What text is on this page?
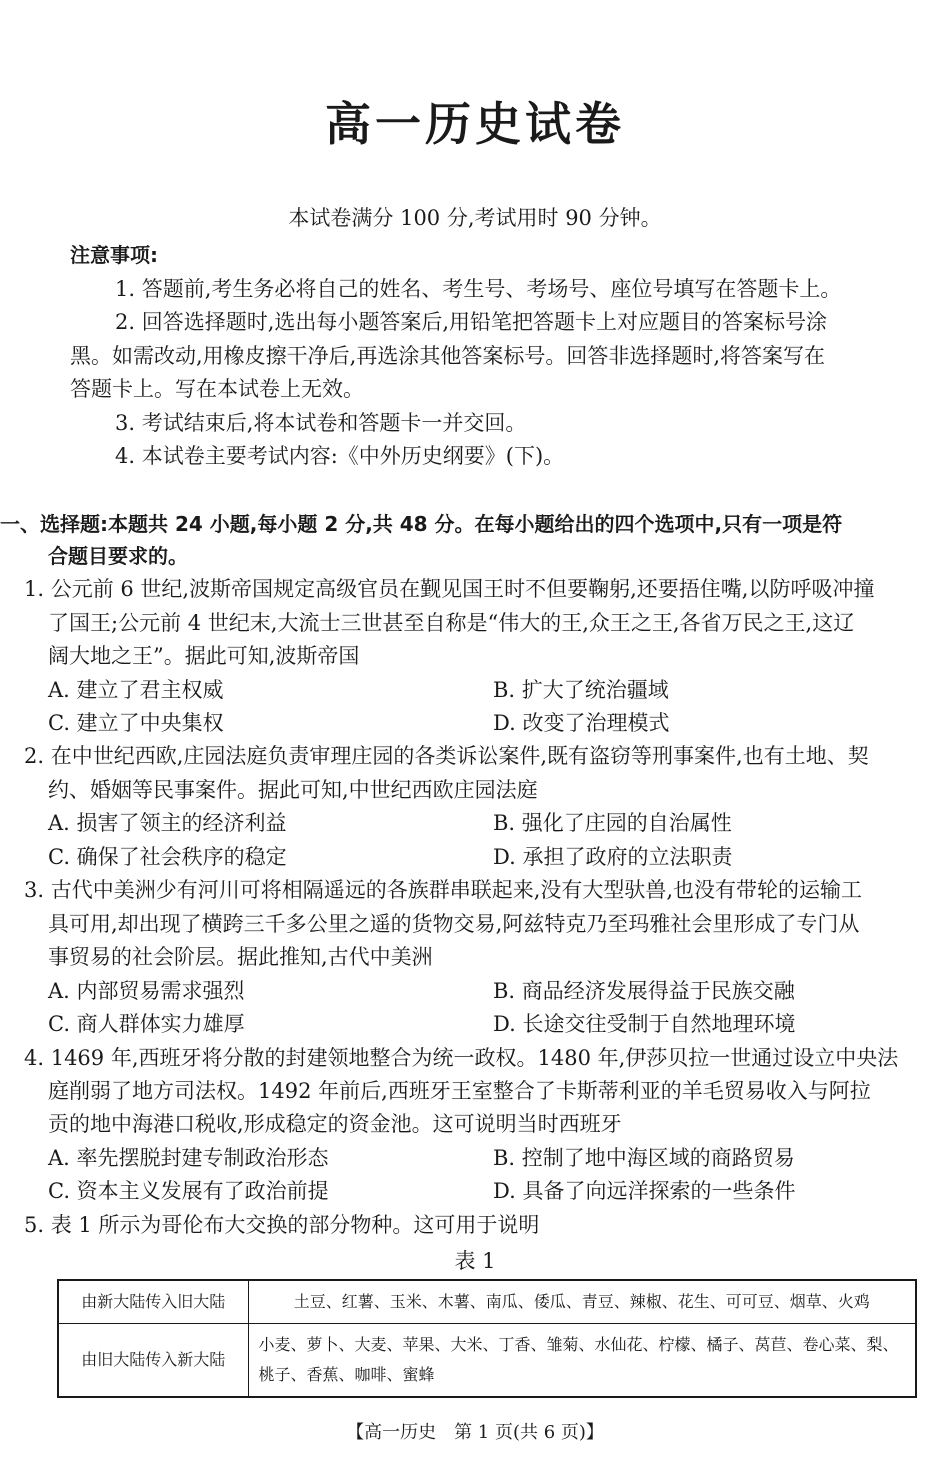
高一历史试卷
本试卷满分 100 分,考试用时 90 分钟。
注意事项:
1. 答题前,考生务必将自己的姓名、考生号、考场号、座位号填写在答题卡上。
2. 回答选择题时,选出每小题答案后,用铅笔把答题卡上对应题目的答案标号涂
黑。如需改动,用橡皮擦干净后,再选涂其他答案标号。回答非选择题时,将答案写在
答题卡上。写在本试卷上无效。
3. 考试结束后,将本试卷和答题卡一并交回。
4. 本试卷主要考试内容:《中外历史纲要》(下)。
一、选择题:本题共 24 小题,每小题 2 分,共 48 分。在每小题给出的四个选项中,只有一项是符
合题目要求的。
1. 公元前 6 世纪,波斯帝国规定高级官员在觐见国王时不但要鞠躬,还要捂住嘴,以防呼吸冲撞
了国王;公元前 4 世纪末,大流士三世甚至自称是“伟大的王,众王之王,各省万民之王,这辽
阔大地之王”。据此可知,波斯帝国
A. 建立了君主权威	B. 扩大了统治疆域
C. 建立了中央集权	D. 改变了治理模式
2. 在中世纪西欧,庄园法庭负责审理庄园的各类诉讼案件,既有盗窃等刑事案件,也有土地、契
约、婚姻等民事案件。据此可知,中世纪西欧庄园法庭
A. 损害了领主的经济利益	B. 强化了庄园的自治属性
C. 确保了社会秩序的稳定	D. 承担了政府的立法职责
3. 古代中美洲少有河川可将相隔遥远的各族群串联起来,没有大型驮兽,也没有带轮的运输工
具可用,却出现了横跨三千多公里之遥的货物交易,阿兹特克乃至玛雅社会里形成了专门从
事贸易的社会阶层。据此推知,古代中美洲
A. 内部贸易需求强烈	B. 商品经济发展得益于民族交融
C. 商人群体实力雄厚	D. 长途交往受制于自然地理环境
4. 1469 年,西班牙将分散的封建领地整合为统一政权。1480 年,伊莎贝拉一世通过设立中央法
庭削弱了地方司法权。1492 年前后,西班牙王室整合了卡斯蒂利亚的羊毛贸易收入与阿拉
贡的地中海港口税收,形成稳定的资金池。这可说明当时西班牙
A. 率先摆脱封建专制政治形态	B. 控制了地中海区域的商路贸易
C. 资本主义发展有了政治前提	D. 具备了向远洋探索的一些条件
5. 表 1 所示为哥伦布大交换的部分物种。这可用于说明
表 1
由新大陆传入旧大陆	土豆、红薯、玉米、木薯、南瓜、倭瓜、青豆、辣椒、花生、可可豆、烟草、火鸡
由旧大陆传入新大陆	小麦、萝卜、大麦、苹果、大米、丁香、雏菊、水仙花、柠檬、橘子、莴苣、卷心菜、梨、桃子、香蕉、咖啡、蜜蜂
【高一历史　第 1 页(共 6 页)】
